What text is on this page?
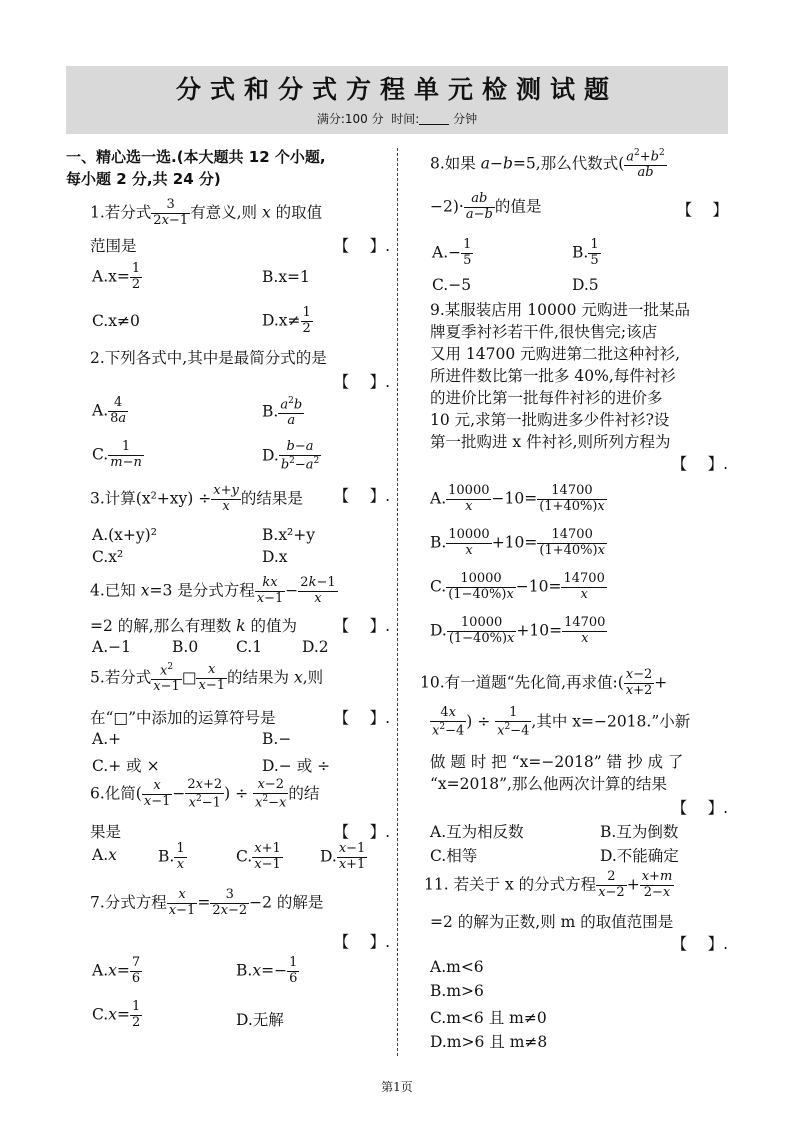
分式和分式方程单元检测试题
满分:100 分 时间:	分钟
一、精心选一选.(本大题共 12 个小题,
每小题 2 分,共 24 分)
1.若分式 $\frac{3}{2x-1}$ 有意义,则 x 的取值
范围是	【　 】.
$A.x= \frac{1}{2}$	B.x=1
C.x≠0	$D.x\ne \frac{1}{2}$
2.下列各式中,其中是最简分式的是
【　 】.
A. $\frac{4}{8a}$	B. $\frac{a^2b}{a}$
C. $\frac{1}{m-n}$	D. $\frac{b-a}{b^2-a^2}$
3.计算$(x^2+xy) \div \frac{x+y}{x}$ 的结果是 【　 】.
A.(x+y)²	B.x²+y
C.x²	D.x
4.已知 x=3 是分式方程 $\frac{kx}{x-1} - \frac{2k-1}{x}$
=2 的解,那么有理数 k 的值为 【　 】.
A.−1	B.0 C.1	D.2
5.若分式 $\frac{x^2}{x-1}$ □ $\frac{x}{x-1}$ 的结果为 x,则
在“□”中添加的运算符号是	【　 】.
A.+	B.−
C.+ 或 ×	D.− 或 ÷
6.化简( $\frac{x}{x-1} - \frac{2x+2}{x^2-1}$ ) ÷ $\frac{x-2}{x^2-x}$ 的结
果是	【　 】.
A.x	B. $\frac{1}{x}$	C. $\frac{x+1}{x-1} D$. $\frac{x-1}{x+1}$
7.分式方程 $\frac{x}{x-1} = \frac{3}{2x-2} -2$ 的解是
【　 】.
$A.x= \frac{7}{6}$	$B.x=- \frac{1}{6}$
$C.x= \frac{1}{2}$	D.无解
8.如果 a−b=5,那么代数式( $\frac{a^2+b^2}{ab}$
$-2)\cdot \frac{ab}{a-b}$ 的值是	【　 】
$A.- \frac{1}{5}$	B. $\frac{1}{5}$
C.−5	D.5
9.某服装店用 10000 元购进一批某品
牌夏季衬衫若干件,很快售完;该店
又用 14700 元购进第二批这种衬衫,
所进件数比第一批多 40%,每件衬衫
的进价比第一批每件衬衫的进价多
10 元,求第一批购进多少件衬衫?设
第一批购进 x 件衬衫,则所列方程为
【　 】.
A. $\frac{10000}{x} -10= \frac{14700}{(1+40\%)x}$
B. $\frac{10000}{x} +10= \frac{14700}{(1+40\%)x}$
C. $\frac{10000}{(1-40\%)x} -10= \frac{14700}{x}$
D. $\frac{10000}{(1-40\%)x} +10= \frac{14700}{x}$
10.有一道题“先化简,再求值:( $\frac{x-2}{x+2}$ +
$\frac{4x}{x^2-4}$ ) ÷ $\frac{1}{x^2-4}$ ,其中 x=−2018.”小新
做 题 时 把 “x=−2018” 错 抄 成 了
“x=2018”,那么他两次计算的结果
【　 】.
A.互为相反数	B.互为倒数
C.相等	D.不能确定
11. 若关于 x 的分式方程 $\frac{2}{x-2} + \frac{x+m}{2-x}$
=2 的解为正数,则 m 的取值范围是
【　 】.
A.m<6
B.m>6
C.m<6 且 m≠0
D.m>6 且 m≠8
第1页
